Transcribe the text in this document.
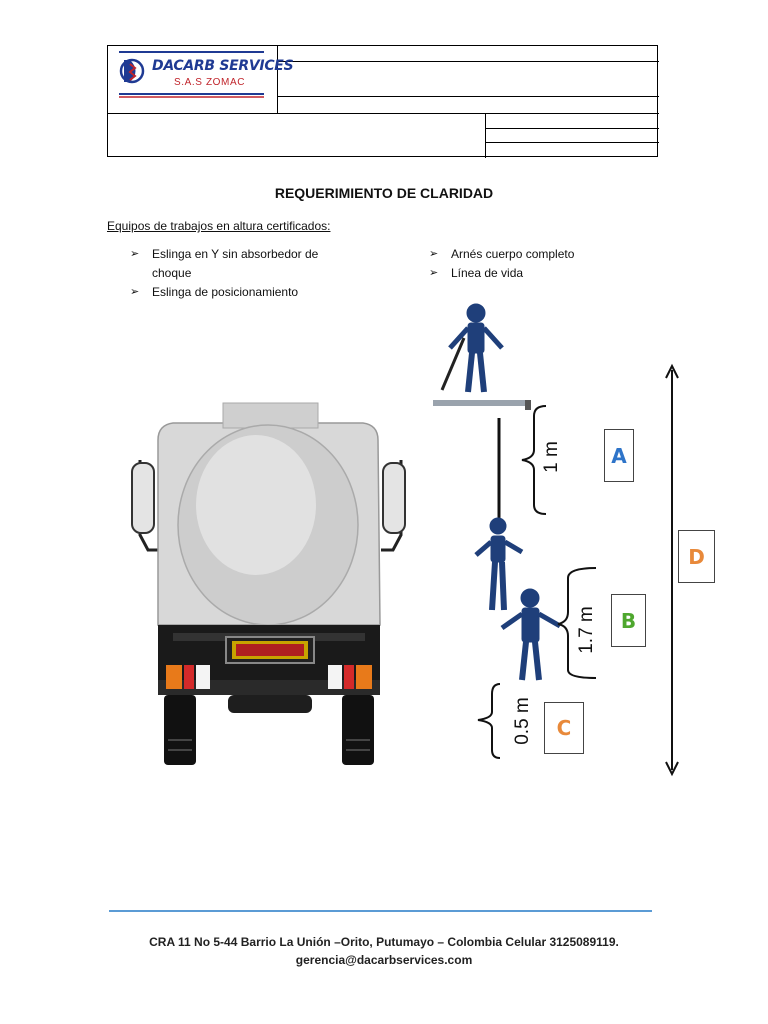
DACARB SERVICES
S.A.S ZOMAC
REQUERIMIENTO DE CLARIDAD
Equipos de trabajos en altura certificados:
➢ Eslinga en Y sin absorbedor de
choque
➢ Eslinga de posicionamiento
➢ Arnés cuerpo completo
➢ Línea de vida
1 m
1.7 m
0.5 m
A
B
C
D
CRA 11 No 5-44 Barrio La Unión –Orito, Putumayo – Colombia Celular 3125089119.
gerencia@dacarbservices.com
